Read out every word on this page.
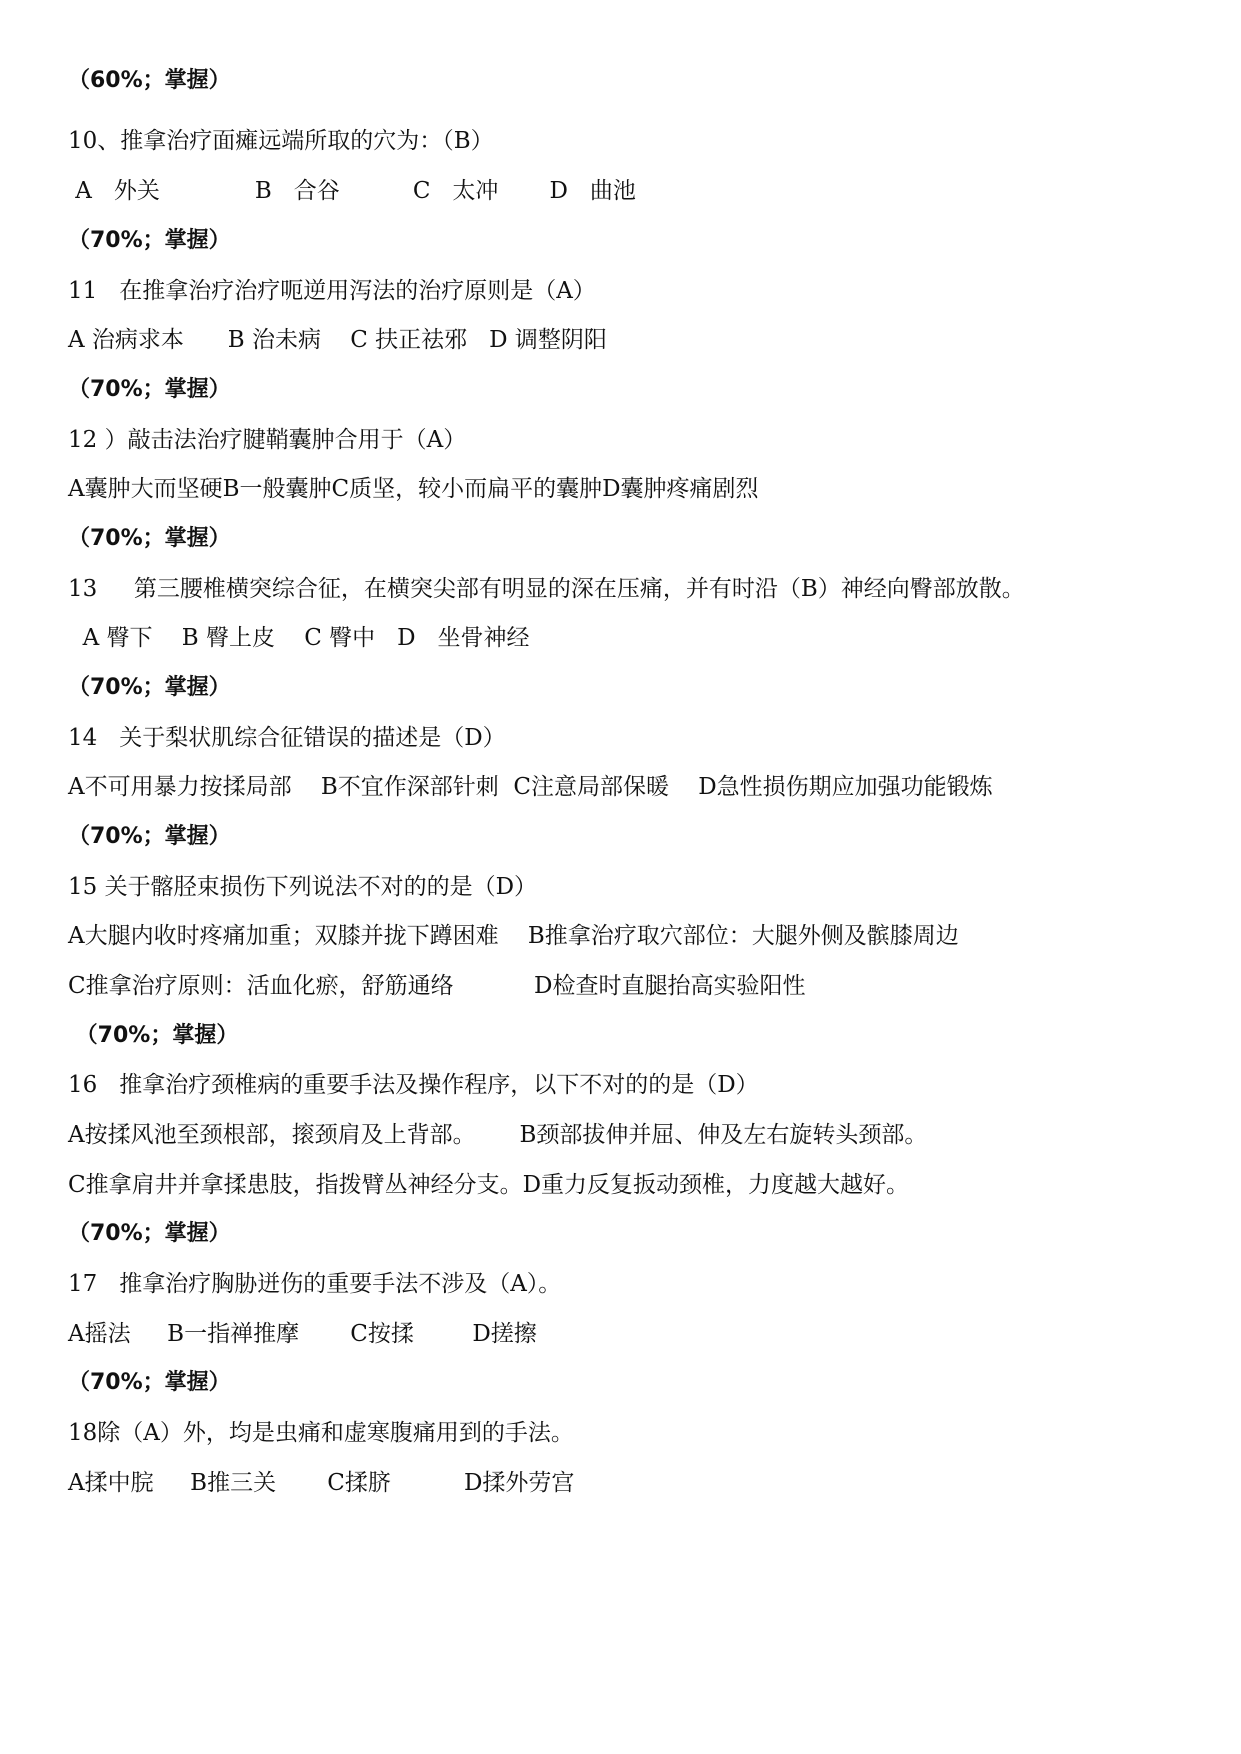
（60%；掌握）
10、推拿治疗面瘫远端所取的穴为：（B）
A   外关             B   合谷          C   太冲       D   曲池
（70%；掌握）
11   在推拿治疗治疗呃逆用泻法的治疗原则是（A）
A 治病求本      B 治未病    C 扶正祛邪   D 调整阴阳
（70%；掌握）
12 ）敲击法治疗腱鞘囊肿合用于（A）
A囊肿大而坚硬B一般囊肿C质坚，较小而扁平的囊肿D囊肿疼痛剧烈
（70%；掌握）
13     第三腰椎横突综合征，在横突尖部有明显的深在压痛，并有时沿（B）神经向臀部放散。
A 臀下    B 臀上皮    C 臀中   D   坐骨神经
（70%；掌握）
14   关于梨状肌综合征错误的描述是（D）
A不可用暴力按揉局部    B不宜作深部针刺  C注意局部保暖    D急性损伤期应加强功能锻炼
（70%；掌握）
15 关于髂胫束损伤下列说法不对的的是（D）
A大腿内收时疼痛加重；双膝并拢下蹲困难    B推拿治疗取穴部位：大腿外侧及髌膝周边
C推拿治疗原则：活血化瘀，舒筋通络           D检查时直腿抬高实验阳性
（70%；掌握）
16   推拿治疗颈椎病的重要手法及操作程序，以下不对的的是（D）
A按揉风池至颈根部，㨰颈肩及上背部。      B颈部拔伸并屈、伸及左右旋转头颈部。
C推拿肩井并拿揉患肢，指拨臂丛神经分支。D重力反复扳动颈椎，力度越大越好。
（70%；掌握）
17   推拿治疗胸胁迸伤的重要手法不涉及（A）。
A摇法     B一指禅推摩       C按揉        D搓擦
（70%；掌握）
18除（A）外，均是虫痛和虚寒腹痛用到的手法。
A揉中脘     B推三关       C揉脐          D揉外劳宫
